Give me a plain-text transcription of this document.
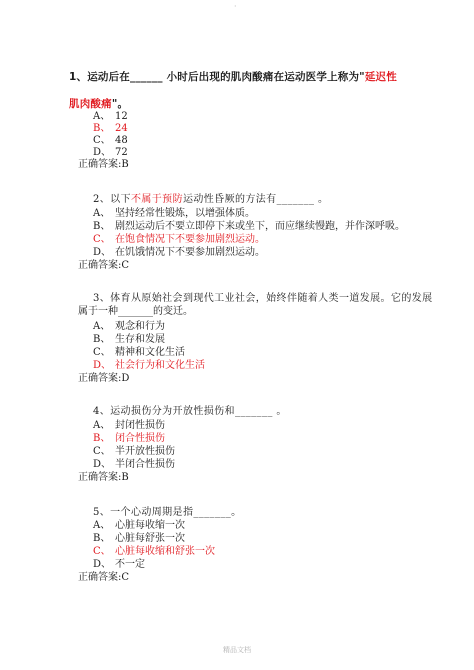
·
1、运动后在______ 小时后出现的肌肉酸痛在运动医学上称为"延迟性肌肉酸痛"。
A、 12
B、 24
C、 48
D、 72
正确答案:B
2、以下不属于预防运动性昏厥的方法有_______ 。
A、 坚持经常性锻炼，以增强体质。
B、 剧烈运动后不要立即停下来或坐下，而应继续慢跑，并作深呼吸。
C、 在饱食情况下不要参加剧烈运动。
D、 在饥饿情况下不要参加剧烈运动。
正确答案:C
3、体育从原始社会到现代工业社会，始终伴随着人类一道发展。它的发展
属于一种_______的变迁。
A、 观念和行为
B、 生存和发展
C、 精神和文化生活
D、 社会行为和文化生活
正确答案:D
4、运动损伤分为开放性损伤和_______ 。
A、 封闭性损伤
B、 闭合性损伤
C、 半开放性损伤
D、 半闭合性损伤
正确答案:B
5、一个心动周期是指_______。
A、 心脏每收缩一次
B、 心脏每舒张一次
C、 心脏每收缩和舒张一次
D、 不一定
正确答案:C
精品文档
